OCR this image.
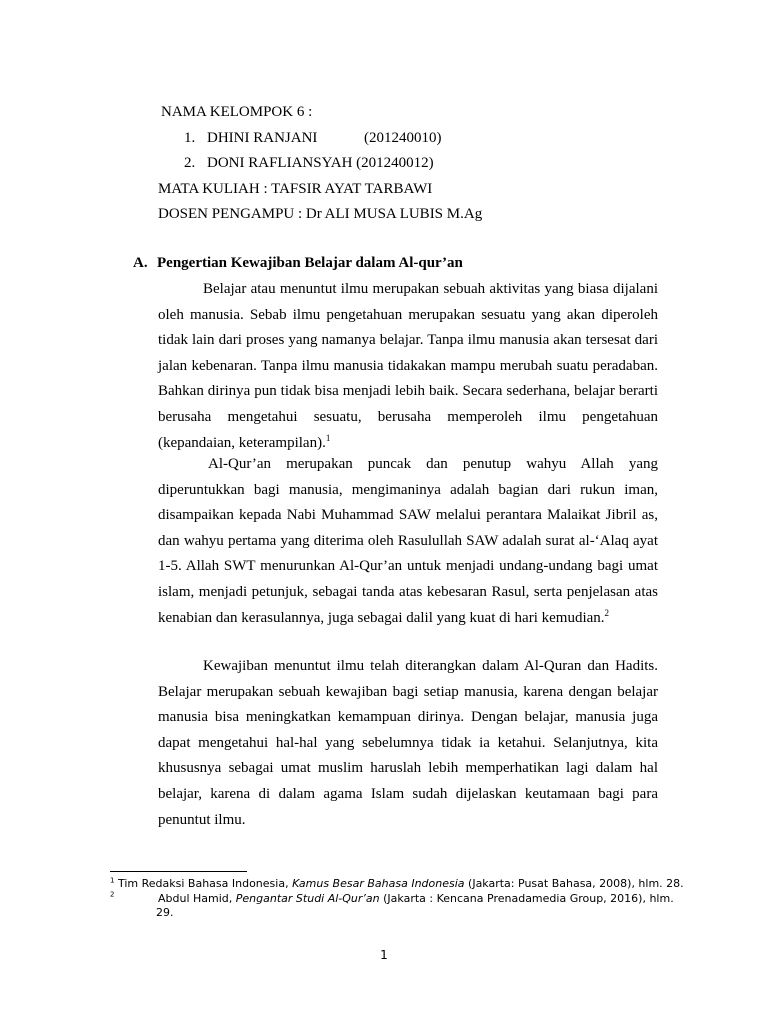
NAMA KELOMPOK 6 :
1. DHINI RANJANI	(201240010)
2. DONI RAFLIANSYAH (201240012)
MATA KULIAH : TAFSIR AYAT TARBAWI
DOSEN PENGAMPU : Dr ALI MUSA LUBIS M.Ag
A. Pengertian Kewajiban Belajar dalam Al-qur’an

Belajar atau menuntut ilmu merupakan sebuah aktivitas yang biasa dijalani oleh manusia. Sebab ilmu pengetahuan merupakan sesuatu yang akan diperoleh tidak lain dari proses yang namanya belajar. Tanpa ilmu manusia akan tersesat dari jalan kebenaran. Tanpa ilmu manusia tidakakan mampu merubah suatu peradaban. Bahkan dirinya pun tidak bisa menjadi lebih baik. Secara sederhana, belajar berarti berusaha mengetahui sesuatu, berusaha memperoleh ilmu pengetahuan (kepandaian, keterampilan).$^1$

Al-Qur’an merupakan puncak dan penutup wahyu Allah yang diperuntukkan bagi manusia, mengimaninya adalah bagian dari rukun iman, disampaikan kepada Nabi Muhammad SAW melalui perantara Malaikat Jibril as, dan wahyu pertama yang diterima oleh Rasulullah SAW adalah surat al-‘Alaq ayat 1-5. Allah SWT menurunkan Al-Qur’an untuk menjadi undang-undang bagi umat islam, menjadi petunjuk, sebagai tanda atas kebesaran Rasul, serta penjelasan atas kenabian dan kerasulannya, juga sebagai dalil yang kuat di hari kemudian.$^2$

Kewajiban menuntut ilmu telah diterangkan dalam Al-Quran dan Hadits. Belajar merupakan sebuah kewajiban bagi setiap manusia, karena dengan belajar manusia bisa meningkatkan kemampuan dirinya. Dengan belajar, manusia juga dapat mengetahui hal-hal yang sebelumnya tidak ia ketahui. Selanjutnya, kita khususnya sebagai umat muslim haruslah lebih memperhatikan lagi dalam hal belajar, karena di dalam agama Islam sudah dijelaskan keutamaan bagi para penuntut ilmu.

$^1$ Tim Redaksi Bahasa Indonesia, Kamus Besar Bahasa Indonesia (Jakarta: Pusat Bahasa, 2008), hlm. 28.
$^2$	Abdul Hamid, Pengantar Studi Al-Qur’an (Jakarta : Kencana Prenadamedia Group, 2016), hlm.
29.
1
